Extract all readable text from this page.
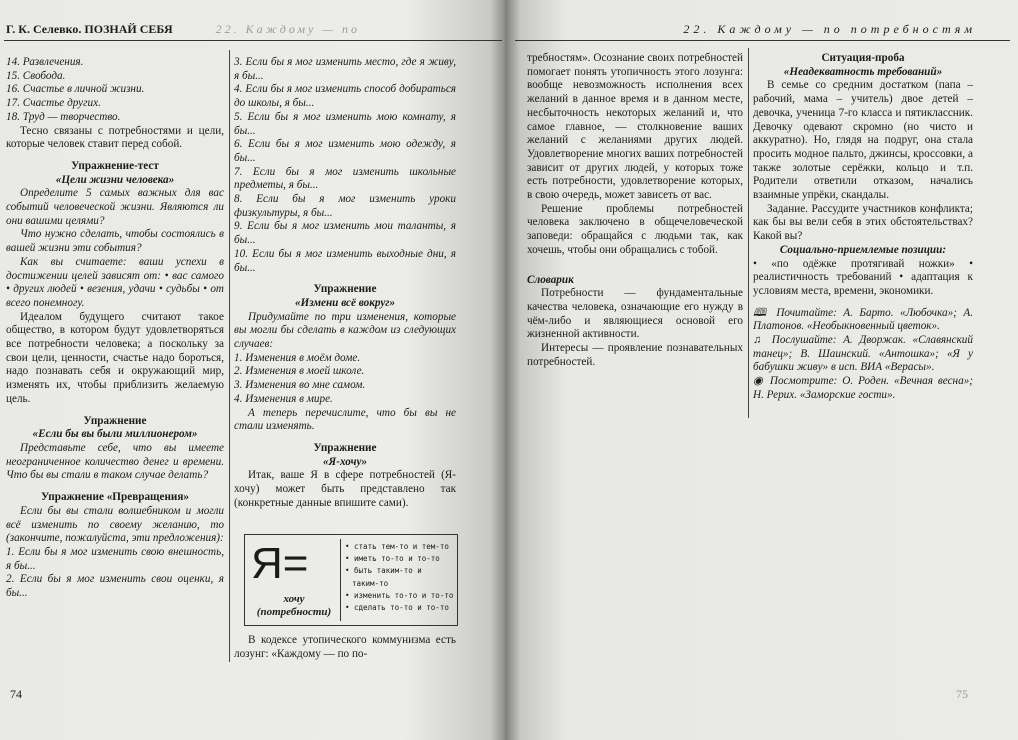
Г. К. Селевко. ПОЗНАЙ СЕБЯ	22. Каждому — по

14. Развлечения.

15. Свобода.

16. Счастье в личной жизни.

17. Счастье других.

18. Труд — творчество.

Тесно связаны с потребностями и цели, которые человек ставит перед собой.

Упражнение-тест

«Цели жизни человека»

Определите 5 самых важных для вас событий человеческой жизни. Являются ли они вашими целями?

Что нужно сделать, чтобы состоялись в вашей жизни эти события?

Как вы считаете: ваши успехи в достижении целей зависят от: • вас самого • других людей • везения, удачи • судьбы • от всего понемногу.

Идеалом будущего считают такое общество, в котором будут удовлетворяться все потребности человека; а поскольку за свои цели, ценности, счастье надо бороться, надо познавать себя и окружающий мир, изменять их, чтобы приблизить желаемую цель.

Упражнение

«Если бы вы были миллионером»

Представьте себе, что вы имеете неограниченное количество денег и времени. Что бы вы стали в таком случае делать?

Упражнение «Превращения»

Если бы вы стали волшебником и могли всё изменить по своему желанию, то (закончите, пожалуйста, эти предложения):

1. Если бы я мог изменить свою внешность, я бы...

2. Если бы я мог изменить свои оценки, я бы...

3. Если бы я мог изменить место, где я живу, я бы...

4. Если бы я мог изменить способ добираться до школы, я бы...

5. Если бы я мог изменить мою комнату, я бы...

6. Если бы я мог изменить мою одежду, я бы...

7. Если бы я мог изменить школьные предметы, я бы...

8. Если бы я мог изменить уроки физкультуры, я бы...

9. Если бы я мог изменить мои таланты, я бы...

10. Если бы я мог изменить выходные дни, я бы...

Упражнение

«Измени всё вокруг»

Придумайте по три изменения, которые вы могли бы сделать в каждом из следующих случаев:

1. Изменения в моём доме.

2. Изменения в моей школе.

3. Изменения во мне самом.

4. Изменения в мире.

А теперь перечислите, что бы вы не стали изменять.

Упражнение

«Я-хочу»

Итак, ваше Я в сфере потребностей (Я-хочу) может быть представлено так (конкретные данные впишите сами).

Я=
хочу (потребности)
• стать тем-то и тем-то
• иметь то-то и то-то
• быть таким-то и
таким-то
• изменить то-то и то-то
• сделать то-то и то-то

В кодексе утопического коммунизма есть лозунг: «Каждому — по по-

74
22. Каждому — по потребностям

требностям». Осознание своих потребностей помогает понять утопичность этого лозунга: вообще невозможность исполнения всех желаний в данное время и в данном месте, несбыточность некоторых желаний и, что самое главное, — столкновение ваших желаний с желаниями других людей. Удовлетворение многих ваших потребностей зависит от других людей, у которых тоже есть потребности, удовлетворение которых, в свою очередь, может зависеть от вас.

Решение проблемы потребностей человека заключено в общечеловеческой заповеди: обращайся с людьми так, как хочешь, чтобы они обращались с тобой.

Словарик

Потребности — фундаментальные качества человека, означающие его нужду в чём-либо и являющиеся основой его жизненной активности.

Интересы — проявление познавательных потребностей.

Ситуация-проба

«Неадекватность требований»

В семье со средним достатком (папа – рабочий, мама – учитель) двое детей – девочка, ученица 7-го класса и пятиклассник. Девочку одевают скромно (но чисто и аккуратно). Но, глядя на подруг, она стала просить модное пальто, джинсы, кроссовки, а также золотые серёжки, кольцо и т.п. Родители ответили отказом, начались взаимные упрёки, скандалы.

Задание. Рассудите участников конфликта; как бы вы вели себя в этих обстоятельствах? Какой вы?

Социально-приемлемые позиции:

• «по одёжке протягивай ножки» • реалистичность требований • адаптация к условиям места, времени, экономики.

🕮 Почитайте: А. Барто. «Любочка»; А. Платонов. «Необыкновенный цветок».

♫ Послушайте: А. Дворжак. «Славянский танец»; В. Шаинский. «Антошка»; «Я у бабушки живу» в исп. ВИА «Верасы».

◉ Посмотрите: О. Роден. «Вечная весна»; Н. Рерих. «Заморские гости».

75
